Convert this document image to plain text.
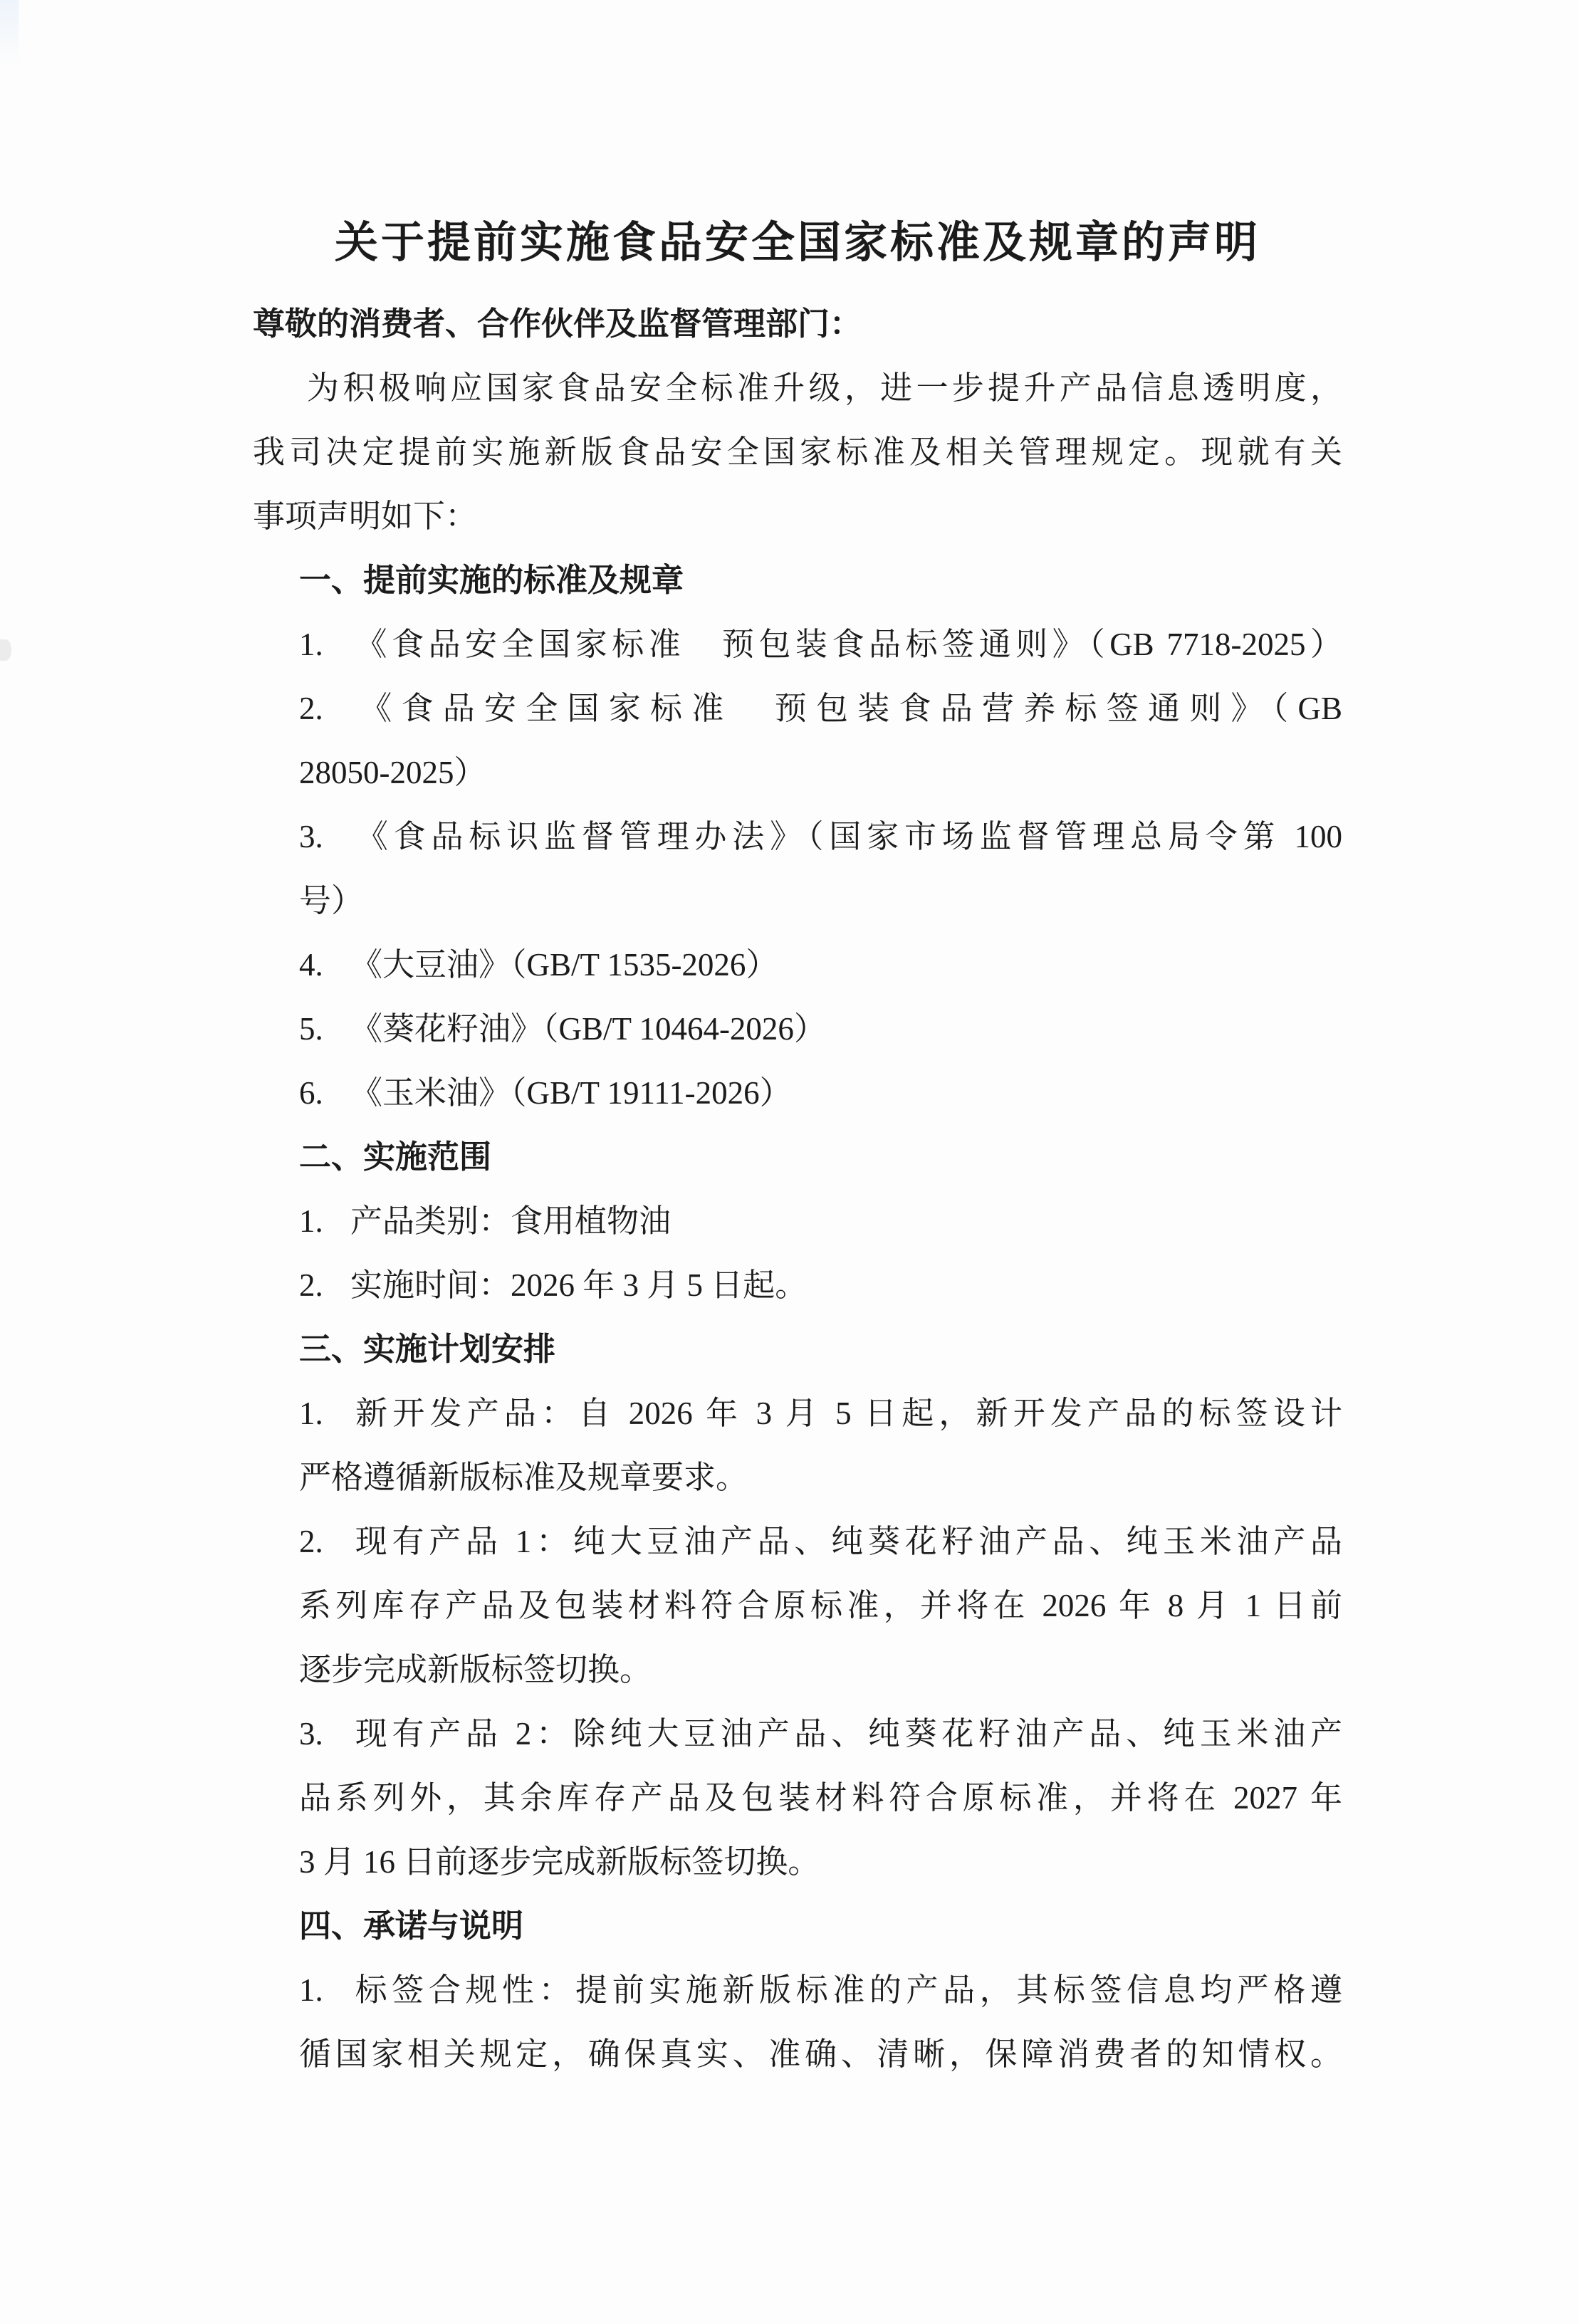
关于提前实施食品安全国家标准及规章的声明
尊敬的消费者、合作伙伴及监督管理部门：
为积极响应国家食品安全标准升级，进一步提升产品信息透明度，
我司决定提前实施新版食品安全国家标准及相关管理规定。现就有关
事项声明如下：
一、提前实施的标准及规章
1. 《食品安全国家标准　预包装食品标签通则》（GB 7718-2025）
2. 《食品安全国家标准　预包装食品营养标签通则》（GB
28050-2025）
3. 《食品标识监督管理办法》（国家市场监督管理总局令第 100
号）
4. 《大豆油》（GB/T 1535-2026）
5. 《葵花籽油》（GB/T 10464-2026）
6. 《玉米油》（GB/T 19111-2026）
二、实施范围
1. 产品类别：食用植物油
2. 实施时间：2026 年 3 月 5 日起。
三、实施计划安排
1. 新开发产品：自 2026 年 3 月 5 日起，新开发产品的标签设计
严格遵循新版标准及规章要求。
2. 现有产品 1：纯大豆油产品、纯葵花籽油产品、纯玉米油产品
系列库存产品及包装材料符合原标准，并将在 2026 年 8 月 1 日前
逐步完成新版标签切换。
3. 现有产品 2：除纯大豆油产品、纯葵花籽油产品、纯玉米油产
品系列外，其余库存产品及包装材料符合原标准，并将在 2027 年
3 月 16 日前逐步完成新版标签切换。
四、承诺与说明
1. 标签合规性：提前实施新版标准的产品，其标签信息均严格遵
循国家相关规定，确保真实、准确、清晰，保障消费者的知情权。
